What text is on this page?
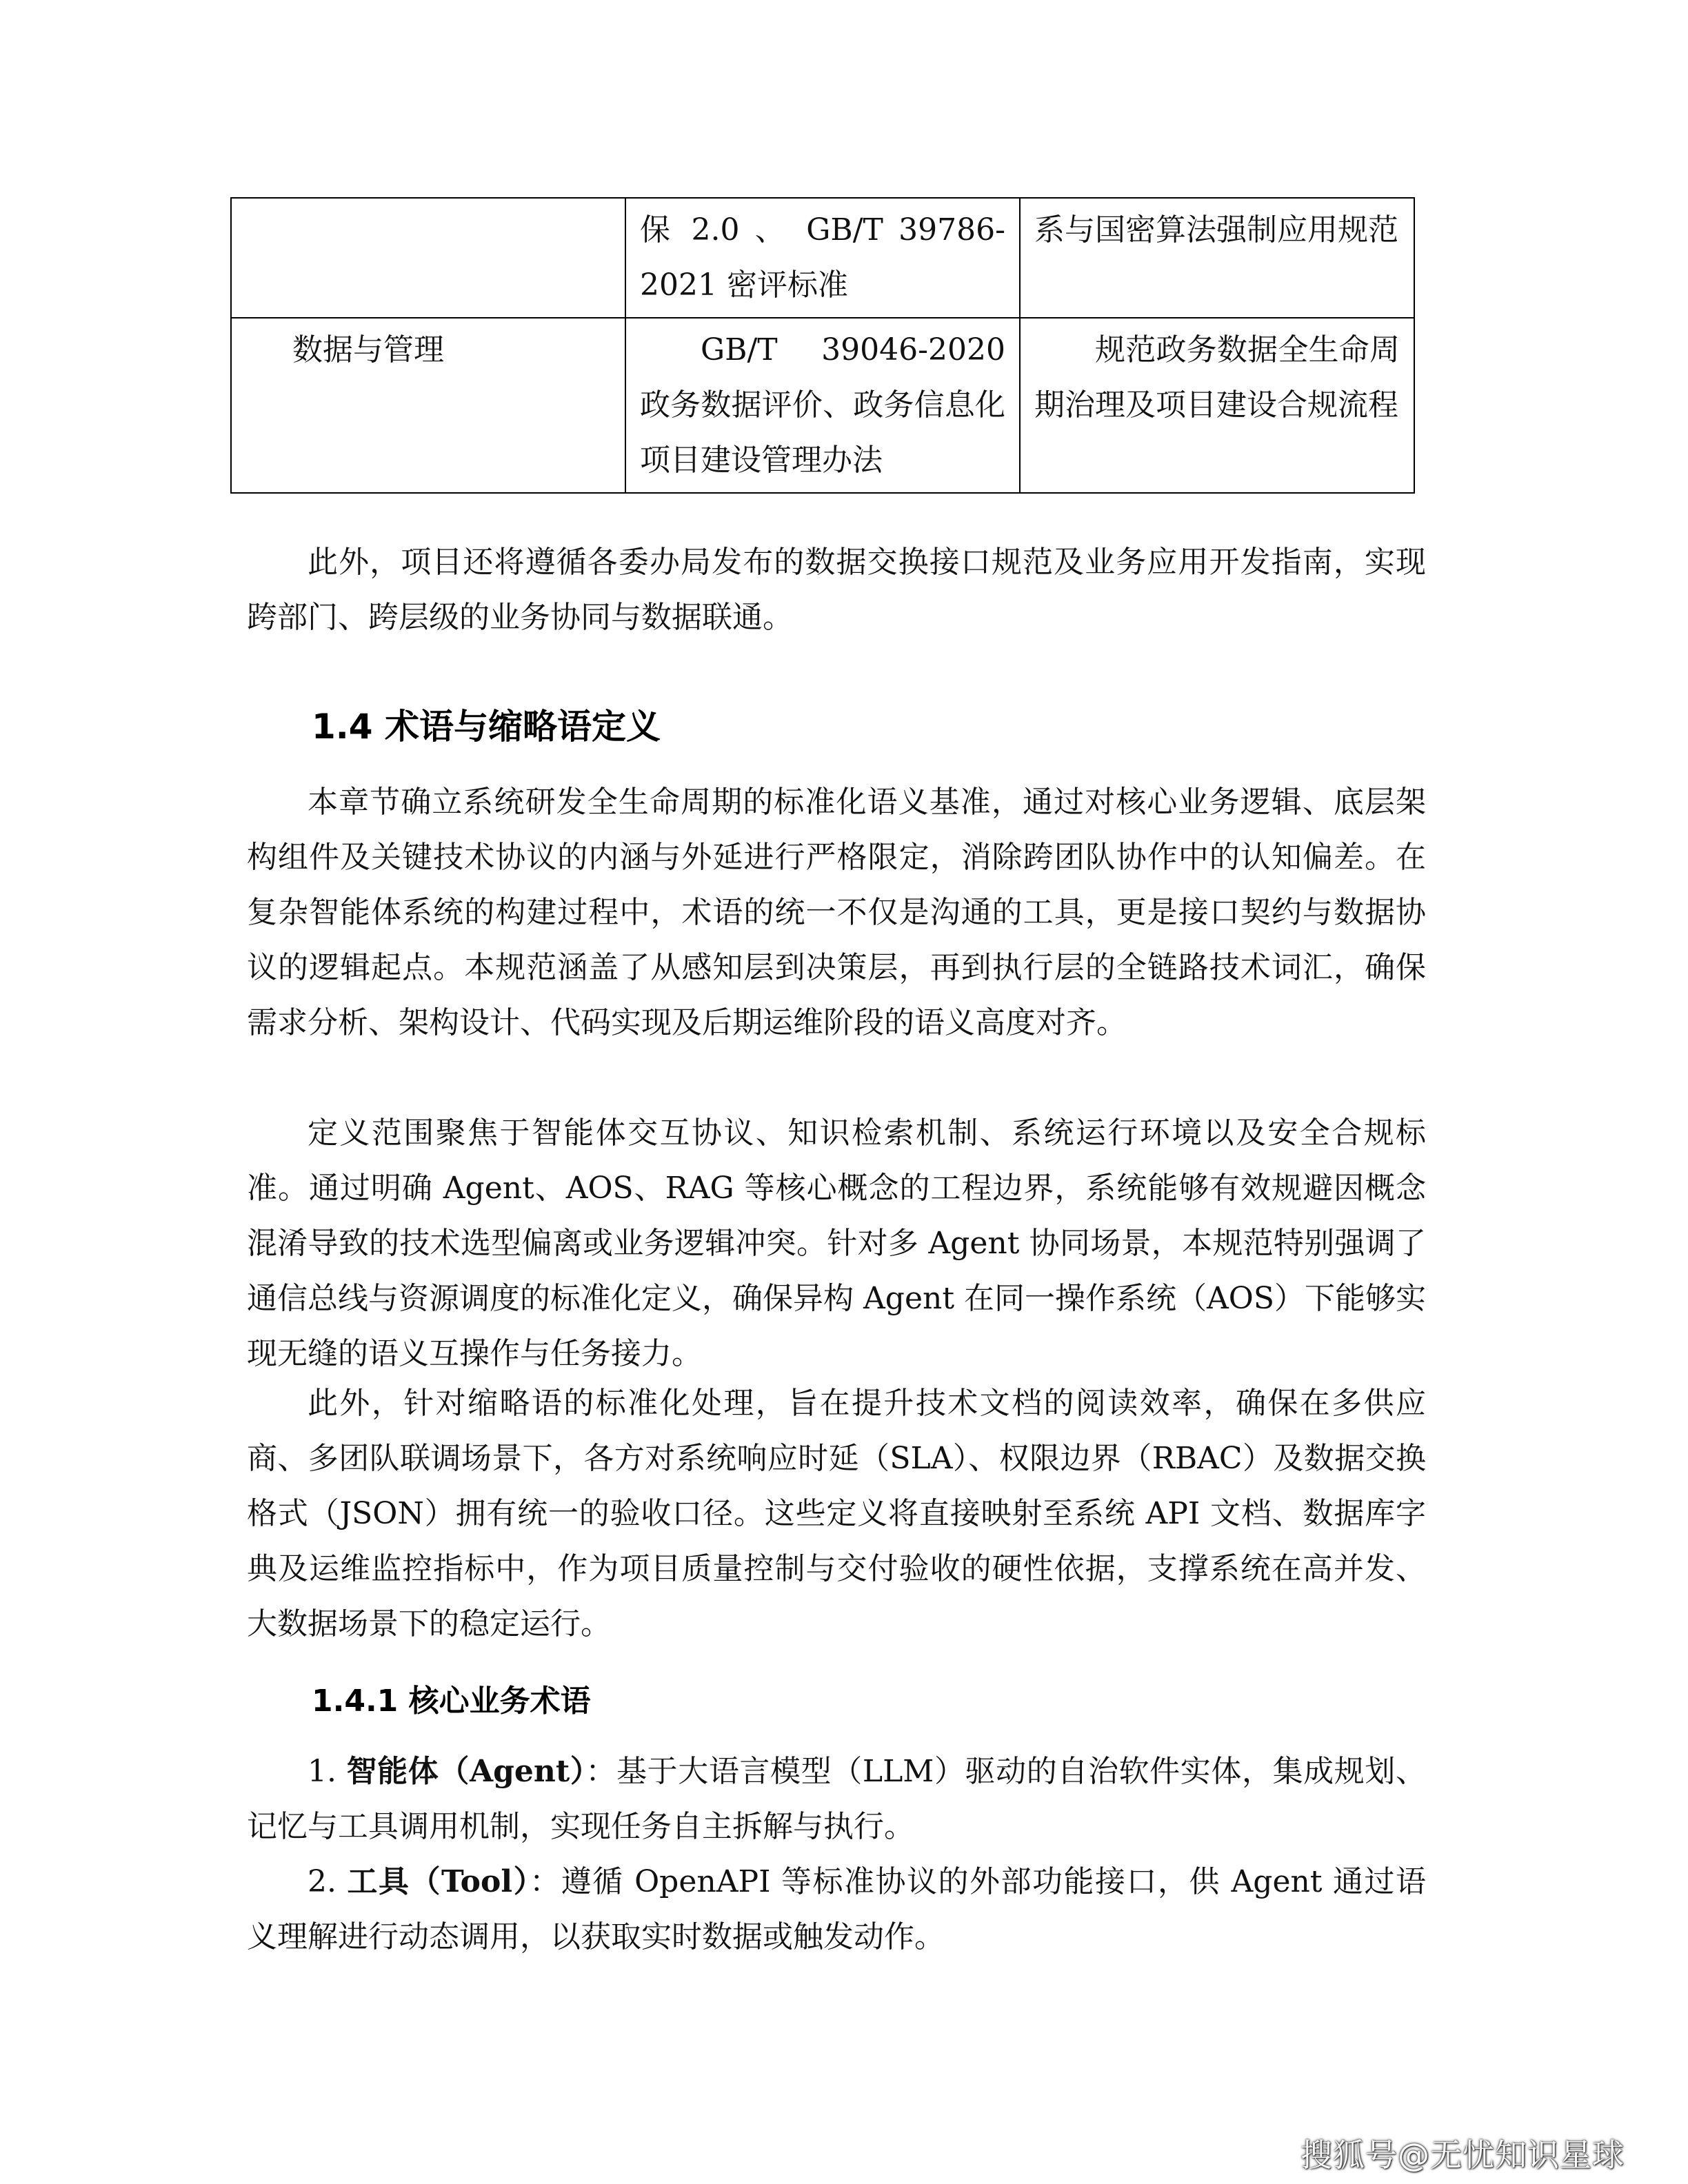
	保 2.0 、 GB/T 39786-2021 密评标准	系与国密算法强制应用规范
数据与管理	GB/T 39046-2020 政务数据评价、政务信息化项目建设管理办法	规范政务数据全生命周期治理及项目建设合规流程

此外，项目还将遵循各委办局发布的数据交换接口规范及业务应用开发指南，实现跨部门、跨层级的业务协同与数据联通。

1.4 术语与缩略语定义

本章节确立系统研发全生命周期的标准化语义基准，通过对核心业务逻辑、底层架构组件及关键技术协议的内涵与外延进行严格限定，消除跨团队协作中的认知偏差。在复杂智能体系统的构建过程中，术语的统一不仅是沟通的工具，更是接口契约与数据协议的逻辑起点。本规范涵盖了从感知层到决策层，再到执行层的全链路技术词汇，确保需求分析、架构设计、代码实现及后期运维阶段的语义高度对齐。

定义范围聚焦于智能体交互协议、知识检索机制、系统运行环境以及安全合规标准。通过明确 Agent、AOS、RAG 等核心概念的工程边界，系统能够有效规避因概念混淆导致的技术选型偏离或业务逻辑冲突。针对多 Agent 协同场景，本规范特别强调了通信总线与资源调度的标准化定义，确保异构 Agent 在同一操作系统（AOS）下能够实现无缝的语义互操作与任务接力。

此外，针对缩略语的标准化处理，旨在提升技术文档的阅读效率，确保在多供应商、多团队联调场景下，各方对系统响应时延（SLA）、权限边界（RBAC）及数据交换格式（JSON）拥有统一的验收口径。这些定义将直接映射至系统 API 文档、数据库字典及运维监控指标中，作为项目质量控制与交付验收的硬性依据，支撑系统在高并发、大数据场景下的稳定运行。

1.4.1 核心业务术语

1. 智能体（Agent）：基于大语言模型（LLM）驱动的自治软件实体，集成规划、记忆与工具调用机制，实现任务自主拆解与执行。

2. 工具（Tool）：遵循 OpenAPI 等标准协议的外部功能接口，供 Agent 通过语义理解进行动态调用，以获取实时数据或触发动作。

搜狐号@无忧知识星球
